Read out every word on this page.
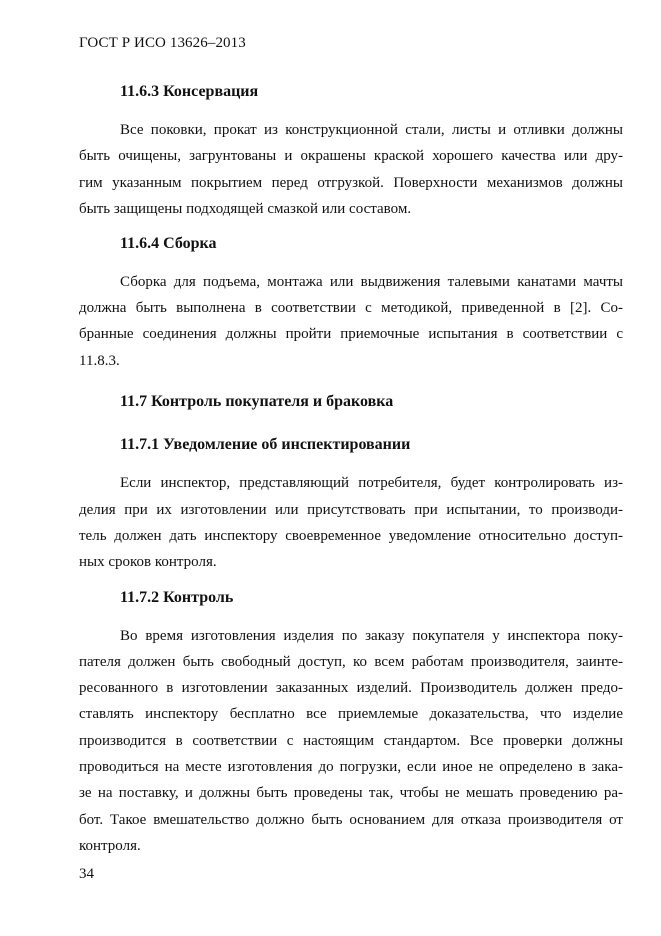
ГОСТ Р ИСО 13626–2013
11.6.3 Консервация
Все поковки, прокат из конструкционной стали, листы и отливки должны
быть очищены, загрунтованы и окрашены краской хорошего качества или дру-
гим указанным покрытием перед отгрузкой. Поверхности механизмов должны
быть защищены подходящей смазкой или составом.
11.6.4 Сборка
Сборка для подъема, монтажа или выдвижения талевыми канатами мачты
должна быть выполнена в соответствии с методикой, приведенной в [2]. Со-
бранные соединения должны пройти приемочные испытания в соответствии с
11.8.3.
11.7 Контроль покупателя и браковка
11.7.1 Уведомление об инспектировании
Если инспектор, представляющий потребителя, будет контролировать из-
делия при их изготовлении или присутствовать при испытании, то производи-
тель должен дать инспектору своевременное уведомление относительно доступ-
ных сроков контроля.
11.7.2 Контроль
Во время изготовления изделия по заказу покупателя у инспектора поку-
пателя должен быть свободный доступ, ко всем работам производителя, заинте-
ресованного в изготовлении заказанных изделий. Производитель должен предо-
ставлять инспектору бесплатно все приемлемые доказательства, что изделие
производится в соответствии с настоящим стандартом. Все проверки должны
проводиться на месте изготовления до погрузки, если иное не определено в зака-
зе на поставку, и должны быть проведены так, чтобы не мешать проведению ра-
бот. Такое вмешательство должно быть основанием для отказа производителя от
контроля.
34
